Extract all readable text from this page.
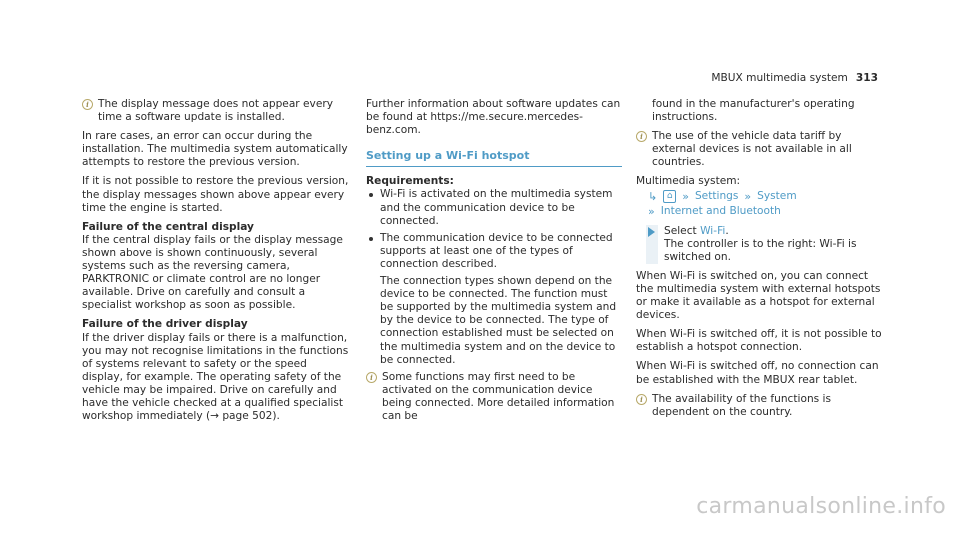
MBUX multimedia system 313
i The display message does not appear every time a software update is installed.

In rare cases, an error can occur during the installation. The multimedia system automatically attempts to restore the previous version.

If it is not possible to restore the previous version, the display messages shown above appear every time the engine is started.

Failure of the central display

If the central display fails or the display message shown above is shown continuously, several systems such as the reversing camera, PARKTRONIC or climate control are no longer available. Drive on carefully and consult a specialist workshop as soon as possible.

Failure of the driver display

If the driver display fails or there is a malfunction, you may not recognise limitations in the functions of systems relevant to safety or the speed display, for example. The operating safety of the vehicle may be impaired. Drive on carefully and have the vehicle checked at a qualified specialist workshop immediately (→ page 502).

Further information about software updates can be found at https://me.secure.mercedes-benz.com.

Setting up a Wi-Fi hotspot
Requirements:
Wi-Fi is activated on the multimedia system and the communication device to be connected.
The communication device to be connected supports at least one of the types of connection described.
The connection types shown depend on the device to be connected. The function must be supported by the multimedia system and by the device to be connected. The type of connection established must be selected on the multimedia system and on the device to be connected.
i Some functions may first need to be activated on the communication device being connected. More detailed information can be

found in the manufacturer's operating instructions.

i The use of the vehicle data tariff by external devices is not available in all countries.
Multimedia system:
↳	⌂ » Settings » System
» Internet and Bluetooth
Select Wi-Fi.
The controller is to the right: Wi-Fi is switched on.

When Wi-Fi is switched on, you can connect the multimedia system with external hotspots or make it available as a hotspot for external devices.

When Wi-Fi is switched off, it is not possible to establish a hotspot connection.

When Wi-Fi is switched off, no connection can be established with the MBUX rear tablet.

i The availability of the functions is dependent on the country.
carmanualsonline.info
